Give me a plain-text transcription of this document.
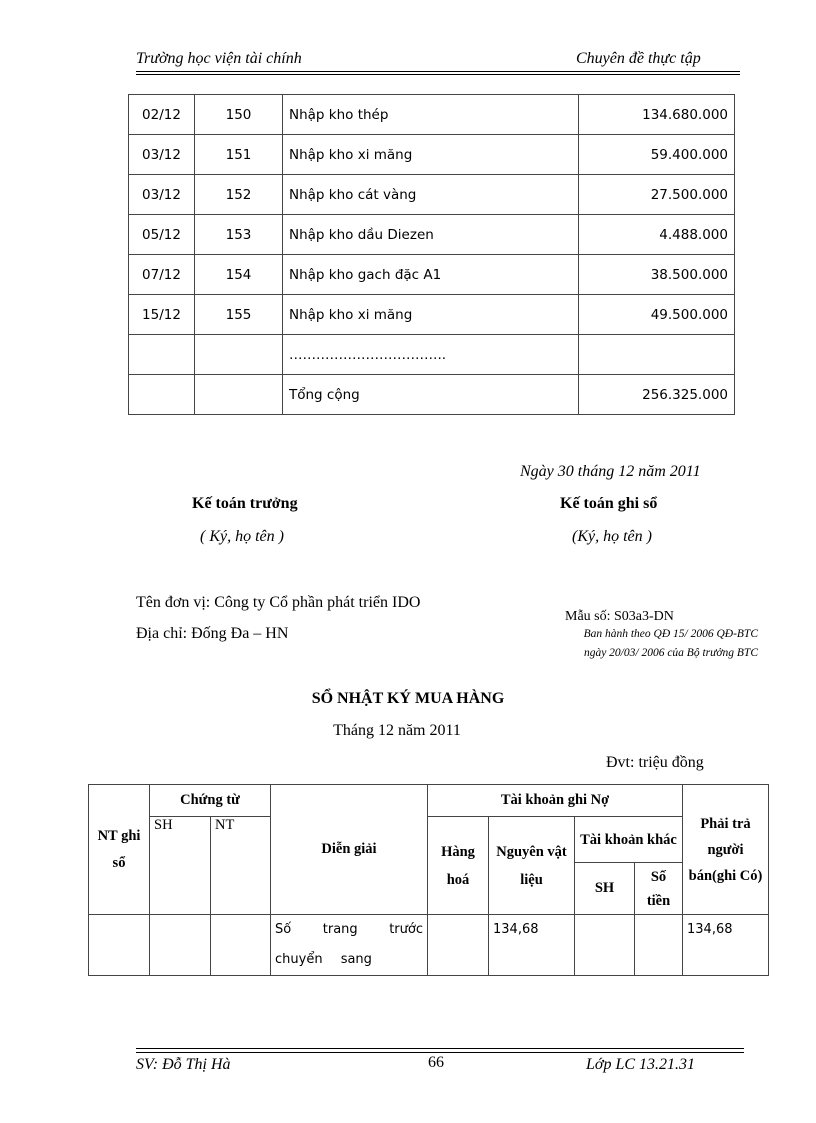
Trường học viện tài chính	Chuyên đề thực tập
02/12	150	Nhập kho thép	134.680.000
03/12	151	Nhập kho xi măng	59.400.000
03/12	152	Nhập kho cát vàng	27.500.000
05/12	153	Nhập kho dầu Diezen	4.488.000
07/12	154	Nhập kho gach đặc A1	38.500.000
15/12	155	Nhập kho xi măng	49.500.000
		……………………………..	
		Tổng cộng	256.325.000
Ngày 30 tháng 12 năm 2011
Kế toán trưởng
( Ký, họ tên )
Kế toán ghi sổ
(Ký, họ tên )
Tên đơn vị: Công ty Cổ phần phát triển IDO
Địa chỉ: Đống Đa – HN
Mẫu số: S03a3-DN
Ban hành theo QĐ 15/ 2006 QĐ-BTC
ngày 20/03/ 2006 của Bộ trưởng BTC
SỔ NHẬT KÝ MUA HÀNG
Tháng 12 năm 2011
Đvt: triệu đồng
NT ghi sổ	Chứng từ		Diễn giải	Tài khoản ghi Nợ				Phải trả người bán(ghi Có)
	SH	NT		Hàng hoá	Nguyên vật liệu	Tài khoản khác		
						SH	Số tiền	
			Số trang trước chuyển sang		134,68			134,68
SV: Đỗ Thị Hà	66	Lớp LC 13.21.31
